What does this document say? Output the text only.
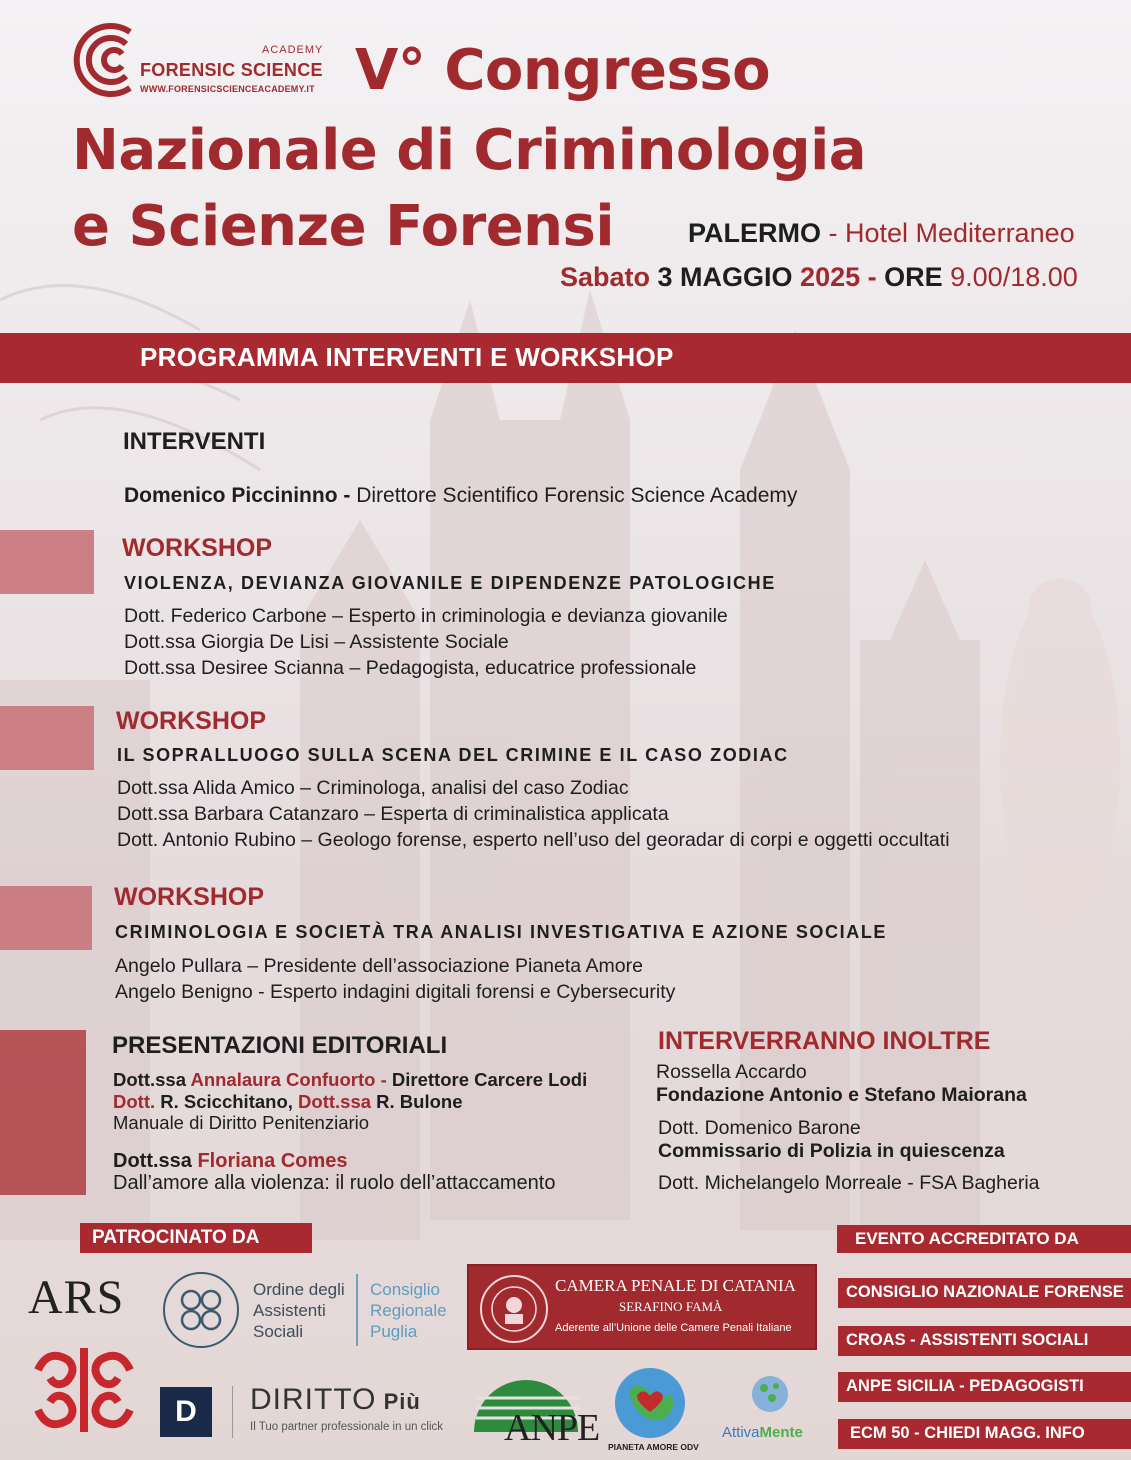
ACADEMY
FORENSIC SCIENCE
WWW.FORENSICSCIENCEACADEMY.IT V° Congresso
Nazionale di Criminologia
e Scienze Forensi	PALERMO - Hotel Mediterraneo
Sabato 3 MAGGIO 2025 - ORE 9.00/18.00
PROGRAMMA INTERVENTI E WORKSHOP
INTERVENTI
Domenico Piccininno - Direttore Scientifico Forensic Science Academy
WORKSHOP
VIOLENZA, DEVIANZA GIOVANILE E DIPENDENZE PATOLOGICHE
Dott. Federico Carbone – Esperto in criminologia e devianza giovanile
Dott.ssa Giorgia De Lisi – Assistente Sociale
Dott.ssa Desiree Scianna – Pedagogista, educatrice professionale
WORKSHOP
IL SOPRALLUOGO SULLA SCENA DEL CRIMINE E IL CASO ZODIAC
Dott.ssa Alida Amico – Criminologa, analisi del caso Zodiac
Dott.ssa Barbara Catanzaro – Esperta di criminalistica applicata
Dott. Antonio Rubino – Geologo forense, esperto nell’uso del georadar di corpi e oggetti occultati
WORKSHOP
CRIMINOLOGIA E SOCIETÀ TRA ANALISI INVESTIGATIVA E AZIONE SOCIALE
Angelo Pullara – Presidente dell’associazione Pianeta Amore
Angelo Benigno - Esperto indagini digitali forensi e Cybersecurity
PRESENTAZIONI EDITORIALI
Dott.ssa Annalaura Confuorto - Direttore Carcere Lodi
Dott. R. Scicchitano, Dott.ssa R. Bulone
Manuale di Diritto Penitenziario
Dott.ssa Floriana Comes
Dall’amore alla violenza: il ruolo dell’attaccamento
INTERVERRANNO INOLTRE
Rossella Accardo
Fondazione Antonio e Stefano Maiorana
Dott. Domenico Barone
Commissario di Polizia in quiescenza
Dott. Michelangelo Morreale - FSA Bagheria
PATROCINATO DA
ARS	Ordine degli
Assistenti
Sociali
Consiglio
Regionale
Puglia
CAMERA PENALE DI CATANIA
SERAFINO FAMÀ
Aderente all’Unione delle Camere Penali Italiane
D	DIRITTO Più
Il Tuo partner professionale in un click ANPE PIANETA AMORE ODV
AttivaMente
EVENTO ACCREDITATO DA
CONSIGLIO NAZIONALE FORENSE
CROAS - ASSISTENTI SOCIALI
ANPE SICILIA - PEDAGOGISTI
ECM 50 - CHIEDI MAGG. INFO
